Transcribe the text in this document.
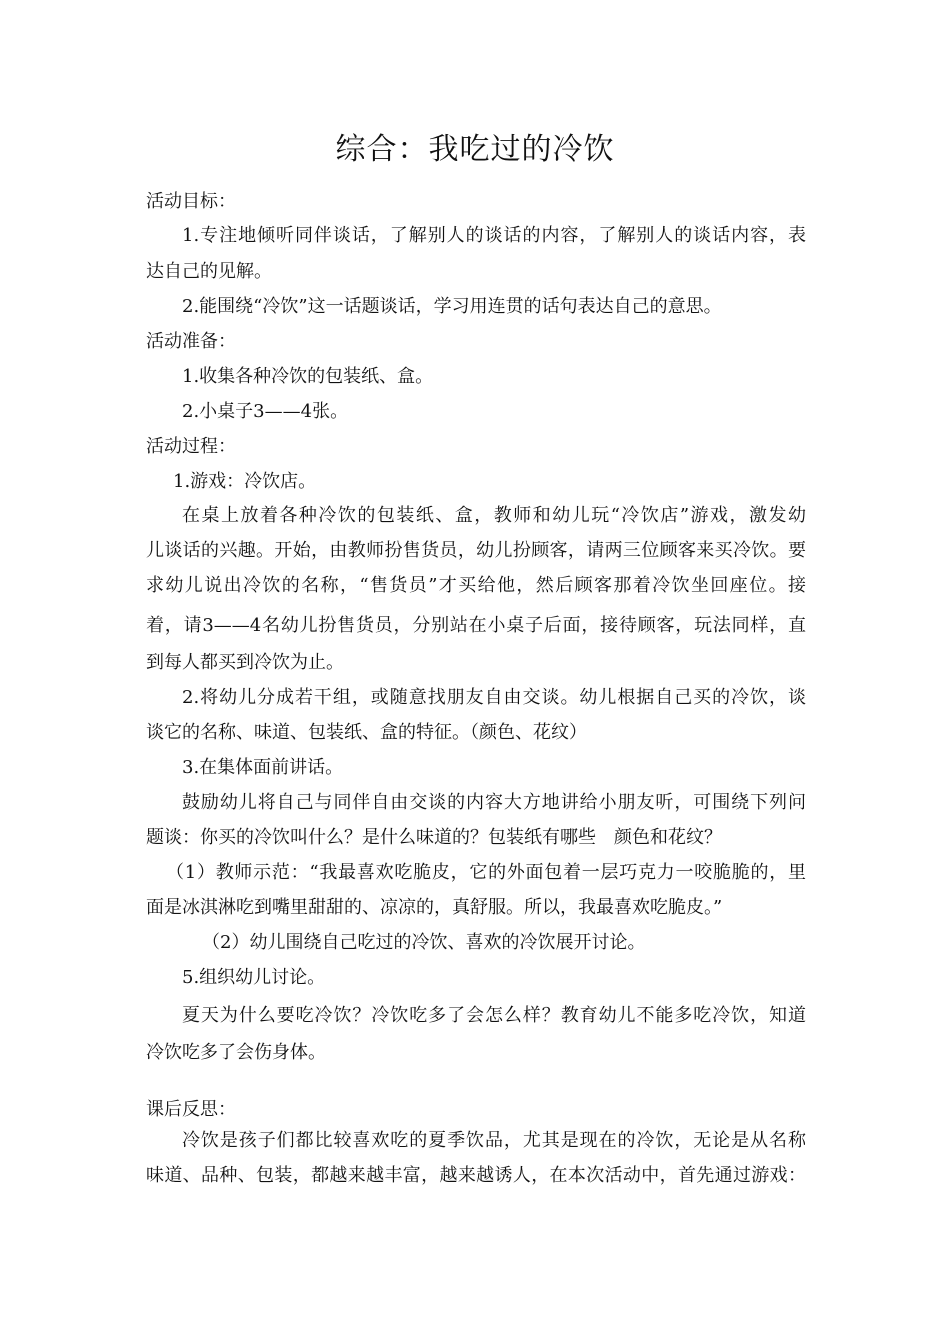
综合：我吃过的冷饮
活动目标：
1.专注地倾听同伴谈话，了解别人的谈话的内容，了解别人的谈话内容，表
达自己的见解。
2.能围绕“冷饮”这一话题谈话，学习用连贯的话句表达自己的意思。
活动准备：
1.收集各种冷饮的包装纸、盒。
2.小桌子3——4张。
活动过程：
1.游戏：冷饮店。
在桌上放着各种冷饮的包装纸、盒，教师和幼儿玩“冷饮店”游戏，激发幼
儿谈话的兴趣。开始，由教师扮售货员，幼儿扮顾客，请两三位顾客来买冷饮。要
求幼儿说出冷饮的名称，“售货员”才买给他，然后顾客那着冷饮坐回座位。接
着，请3——4名幼儿扮售货员，分别站在小桌子后面，接待顾客，玩法同样，直
到每人都买到冷饮为止。
2.将幼儿分成若干组，或随意找朋友自由交谈。幼儿根据自己买的冷饮，谈
谈它的名称、味道、包装纸、盒的特征。（颜色、花纹）
3.在集体面前讲话。
鼓励幼儿将自己与同伴自由交谈的内容大方地讲给小朋友听，可围绕下列问
题谈：你买的冷饮叫什么？是什么味道的？包装纸有哪些　颜色和花纹？
（1）教师示范：“我最喜欢吃脆皮，它的外面包着一层巧克力一咬脆脆的，里
面是冰淇淋吃到嘴里甜甜的、凉凉的，真舒服。所以，我最喜欢吃脆皮。”
（2）幼儿围绕自己吃过的冷饮、喜欢的冷饮展开讨论。
5.组织幼儿讨论。
夏天为什么要吃冷饮？冷饮吃多了会怎么样？教育幼儿不能多吃冷饮，知道
冷饮吃多了会伤身体。
课后反思：
冷饮是孩子们都比较喜欢吃的夏季饮品，尤其是现在的冷饮，无论是从名称
味道、品种、包装，都越来越丰富，越来越诱人，在本次活动中，首先通过游戏：
